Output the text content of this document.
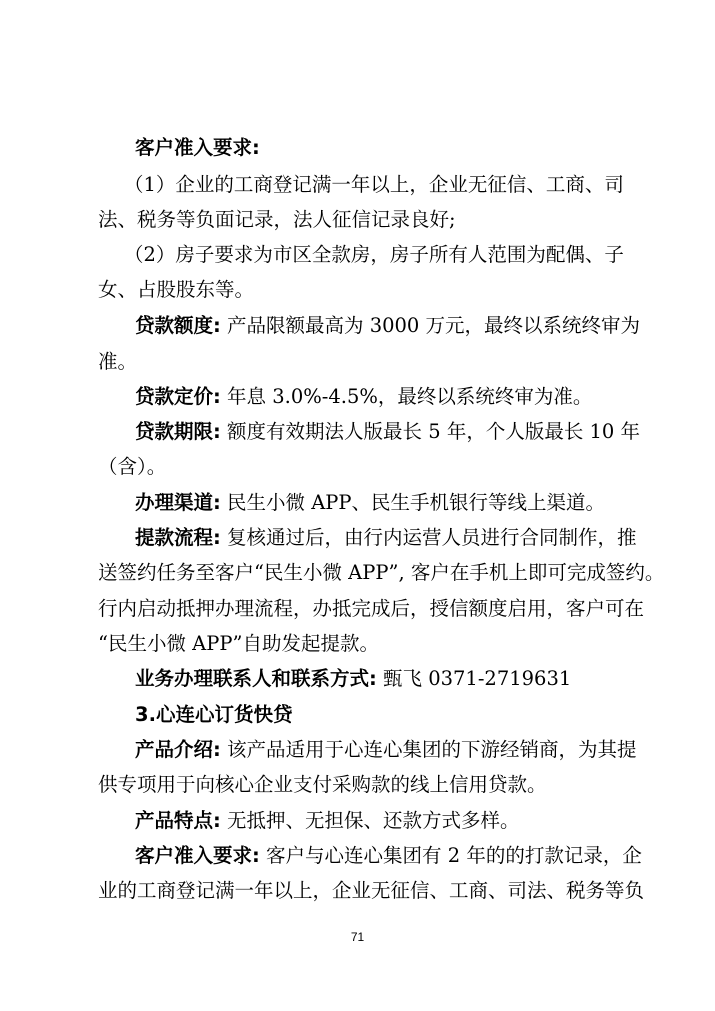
客户准入要求:
（1）企业的工商登记满一年以上，企业无征信、工商、司
法、税务等负面记录，法人征信记录良好;
（2）房子要求为市区全款房，房子所有人范围为配偶、子
女、占股股东等。
贷款额度: 产品限额最高为 3000 万元，最终以系统终审为
准。
贷款定价: 年息 3.0%-4.5%，最终以系统终审为准。
贷款期限: 额度有效期法人版最长 5 年，个人版最长 10 年
（含）。
办理渠道: 民生小微 APP、民生手机银行等线上渠道。
提款流程: 复核通过后，由行内运营人员进行合同制作，推
送签约任务至客户“民生小微 APP”, 客户在手机上即可完成签约。
行内启动抵押办理流程，办抵完成后，授信额度启用，客户可在
“民生小微 APP”自助发起提款。
业务办理联系人和联系方式: 甄飞 0371-2719631
3.心连心订货快贷
产品介绍: 该产品适用于心连心集团的下游经销商，为其提
供专项用于向核心企业支付采购款的线上信用贷款。
产品特点: 无抵押、无担保、还款方式多样。
客户准入要求: 客户与心连心集团有 2 年的的打款记录，企
业的工商登记满一年以上，企业无征信、工商、司法、税务等负
71
